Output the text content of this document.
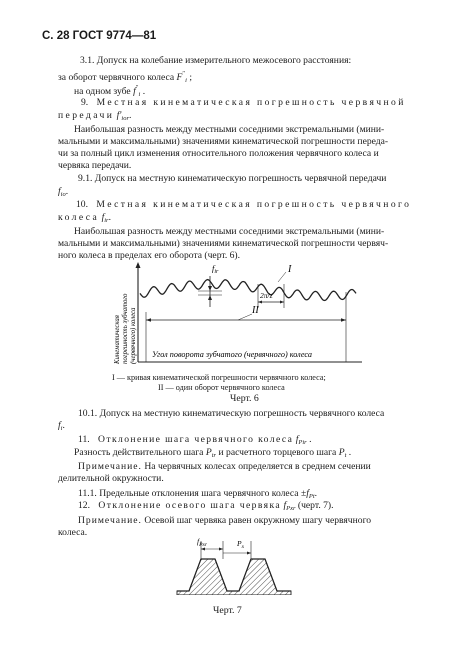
С. 28 ГОСТ 9774—81
3.1. Допуск на колебание измерительного межосевого расстояния:
за оборот червячного колеса $F''_i$ ;
на одном зубе $f''_i$ .
9. Местная кинематическая погрешность червячной
передачи $f'_{iоr}$.
Наибольшая разность между местными соседними экстремальными (мини-
мальными и максимальными) значениями кинематической погрешности переда-
чи за полный цикл изменения относительного положения червячного колеса и
червяка передачи.
9.1. Допуск на местную кинематическую погрешность червячной передачи
$f_{iо}$.
10. Местная кинематическая погрешность червячного
колеса $f_{ir}$.
Наибольшая разность между местными соседними экстремальными (мини-
мальными и максимальными) значениями кинематической погрешности червяч-
ного колеса в пределах его оборота (черт. 6).
I
II
$f_{ir}$
2π/z
Угол поворота зубчатого (червячного) колеса
Кинематическая погрешность зубчатого (червячного) колеса
I — кривая кинематической погрешности червячного колеса;
II — один оборот червячного колеса
Черт. 6
10.1. Допуск на местную кинематическую погрешность червячного колеса
$f_i$.
11. Отклонение шага червячного колеса $f_{Pir}$ .
Разность действительного шага $P_{tr}$ и расчетного торцевого шага $P_t$ .
Примечание. На червячных колесах определяется в среднем сечении
делительной окружности.
11.1. Предельные отклонения шага червячного колеса $\pm f_{Pt}$.
12. Отклонение осевого шага червяка $f_{Pxr}$ (черт. 7).
Примечание. Осевой шаг червяка равен окружному шагу червячного
колеса.
$f_{Pxr}$	$P_x$
Черт. 7
